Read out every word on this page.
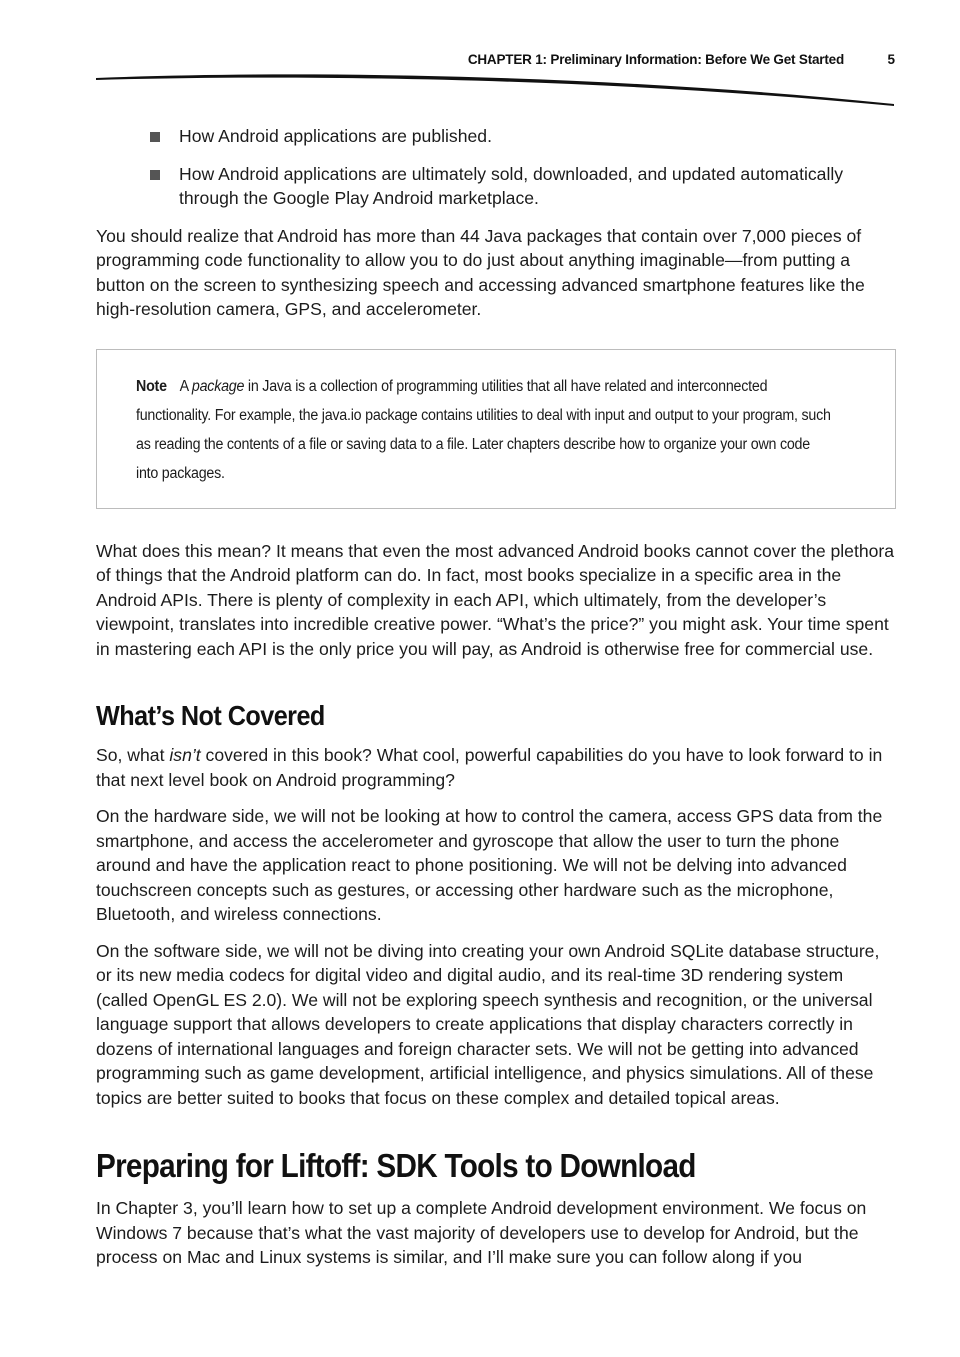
CHAPTER 1: Preliminary Information: Before We Get Started	5
How Android applications are published.
How Android applications are ultimately sold, downloaded, and updated automatically through the Google Play Android marketplace.

You should realize that Android has more than 44 Java packages that contain over 7,000 pieces of programming code functionality to allow you to do just about anything imaginable—from putting a button on the screen to synthesizing speech and accessing advanced smartphone features like the high-resolution camera, GPS, and accelerometer.

Note A package in Java is a collection of programming utilities that all have related and interconnected functionality. For example, the java.io package contains utilities to deal with input and output to your program, such as reading the contents of a file or saving data to a file. Later chapters describe how to organize your own code into packages.

What does this mean? It means that even the most advanced Android books cannot cover the plethora of things that the Android platform can do. In fact, most books specialize in a specific area in the Android APIs. There is plenty of complexity in each API, which ultimately, from the developer’s viewpoint, translates into incredible creative power. “What’s the price?” you might ask. Your time spent in mastering each API is the only price you will pay, as Android is otherwise free for commercial use.

What’s Not Covered

So, what isn’t covered in this book? What cool, powerful capabilities do you have to look forward to in that next level book on Android programming?

On the hardware side, we will not be looking at how to control the camera, access GPS data from the smartphone, and access the accelerometer and gyroscope that allow the user to turn the phone around and have the application react to phone positioning. We will not be delving into advanced touchscreen concepts such as gestures, or accessing other hardware such as the microphone, Bluetooth, and wireless connections.

On the software side, we will not be diving into creating your own Android SQLite database structure, or its new media codecs for digital video and digital audio, and its real-time 3D rendering system (called OpenGL ES 2.0). We will not be exploring speech synthesis and recognition, or the universal language support that allows developers to create applications that display characters correctly in dozens of international languages and foreign character sets. We will not be getting into advanced programming such as game development, artificial intelligence, and physics simulations. All of these topics are better suited to books that focus on these complex and detailed topical areas.

Preparing for Liftoff: SDK Tools to Download

In Chapter 3, you’ll learn how to set up a complete Android development environment. We focus on Windows 7 because that’s what the vast majority of developers use to develop for Android, but the process on Mac and Linux systems is similar, and I’ll make sure you can follow along if you
